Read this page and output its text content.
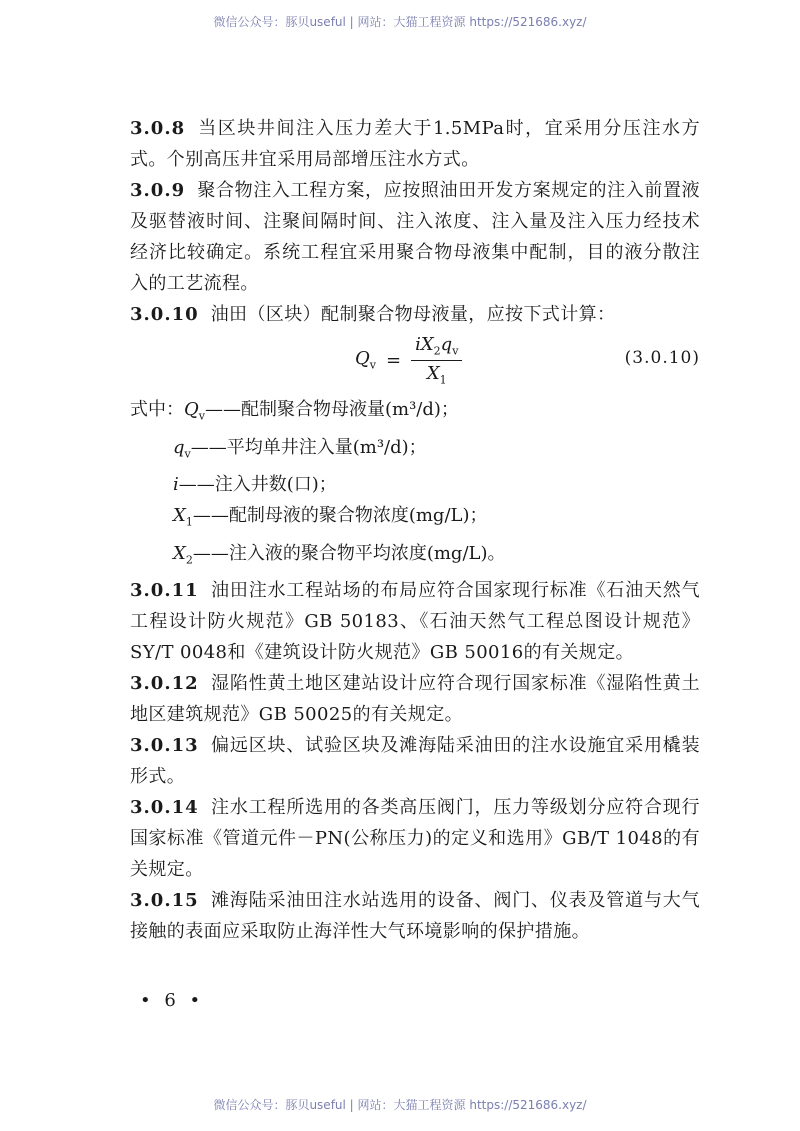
微信公众号：豚贝useful | 网站：大猫工程资源 https://521686.xyz/

3.0.8 当区块井间注入压力差大于1.5MPa时，宜采用分压注水方式。个别高压井宜采用局部增压注水方式。

3.0.9 聚合物注入工程方案，应按照油田开发方案规定的注入前置液及驱替液时间、注聚间隔时间、注入浓度、注入量及注入压力经技术经济比较确定。系统工程宜采用聚合物母液集中配制，目的液分散注入的工艺流程。

3.0.10 油田（区块）配制聚合物母液量，应按下式计算：

$Q_v = \frac{iX_2q_v}{X_1}$	(3.0.10)
式中：$Q_v——$配制聚合物母液量(m³/d)；
$q_v——$平均单井注入量(m³/d)；
i——注入井数(口)；
$X_1——$配制母液的聚合物浓度(mg/L)；
$X_2——$注入液的聚合物平均浓度(mg/L)。

3.0.11 油田注水工程站场的布局应符合国家现行标准《石油天然气工程设计防火规范》GB 50183、《石油天然气工程总图设计规范》SY/T 0048和《建筑设计防火规范》GB 50016的有关规定。

3.0.12 湿陷性黄土地区建站设计应符合现行国家标准《湿陷性黄土地区建筑规范》GB 50025的有关规定。

3.0.13 偏远区块、试验区块及滩海陆采油田的注水设施宜采用橇装形式。

3.0.14 注水工程所选用的各类高压阀门，压力等级划分应符合现行国家标准《管道元件－PN(公称压力)的定义和选用》GB/T 1048的有关规定。

3.0.15 滩海陆采油田注水站选用的设备、阀门、仪表及管道与大气接触的表面应采取防止海洋性大气环境影响的保护措施。

• 6 •
微信公众号：豚贝useful | 网站：大猫工程资源 https://521686.xyz/
